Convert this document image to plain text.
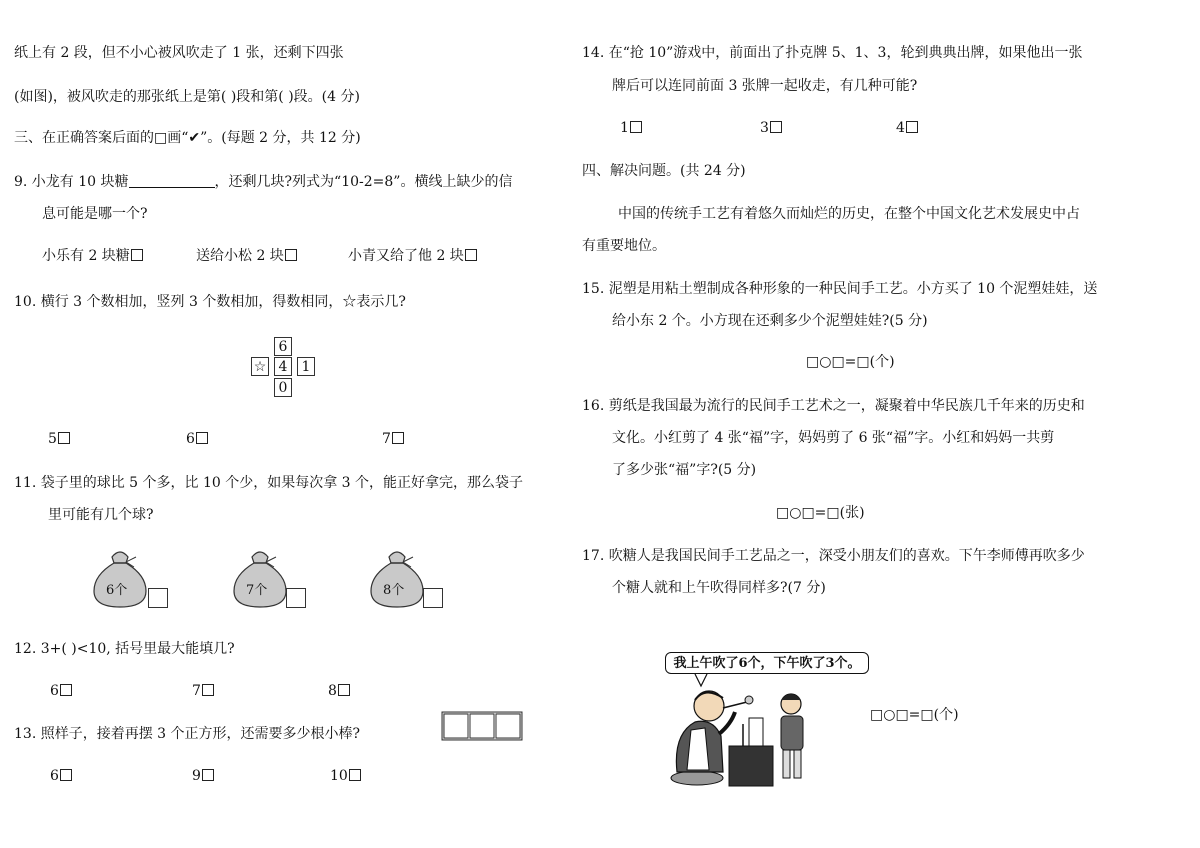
纸上有 2 段，但不小心被风吹走了 1 张，还剩下四张
(如图)，被风吹走的那张纸上是第( )段和第( )段。(4 分)
三、在正确答案后面的□画“✔”。(每题 2 分，共 12 分)
9. 小龙有 10 块糖	，还剩几块?列式为“10-2=8”。横线上缺少的信
息可能是哪一个?
小乐有 2 块糖	送给小松 2 块	小青又给了他 2 块
10. 横行 3 个数相加，竖列 3 个数相加，得数相同，☆表示几?
6
☆ 4	1
0
5	6	7
11. 袋子里的球比 5 个多，比 10 个少，如果每次拿 3 个，能正好拿完，那么袋子
里可能有几个球?
6个	7个	8个
12. 3+( )<10, 括号里最大能填几?
6	7	8
13. 照样子，接着再摆 3 个正方形，还需要多少根小棒?
6	9	10
14. 在“抢 10”游戏中，前面出了扑克牌 5、1、3，轮到典典出牌，如果他出一张
牌后可以连同前面 3 张牌一起收走，有几种可能?
1	3	4
四、解决问题。(共 24 分)
中国的传统手工艺有着悠久而灿烂的历史，在整个中国文化艺术发展史中占
有重要地位。
15. 泥塑是用粘土塑制成各种形象的一种民间手工艺。小方买了 10 个泥塑娃娃，送
给小东 2 个。小方现在还剩多少个泥塑娃娃?(5 分)
□○□=□(个)
16. 剪纸是我国最为流行的民间手工艺术之一，凝聚着中华民族几千年来的历史和
文化。小红剪了 4 张“福”字，妈妈剪了 6 张“福”字。小红和妈妈一共剪
了多少张“福”字?(5 分)
□○□=□(张)
17. 吹糖人是我国民间手工艺品之一，深受小朋友们的喜欢。下午李师傅再吹多少
个糖人就和上午吹得同样多?(7 分)
我上午吹了6个，下午吹了3个。
□○□=□(个)
